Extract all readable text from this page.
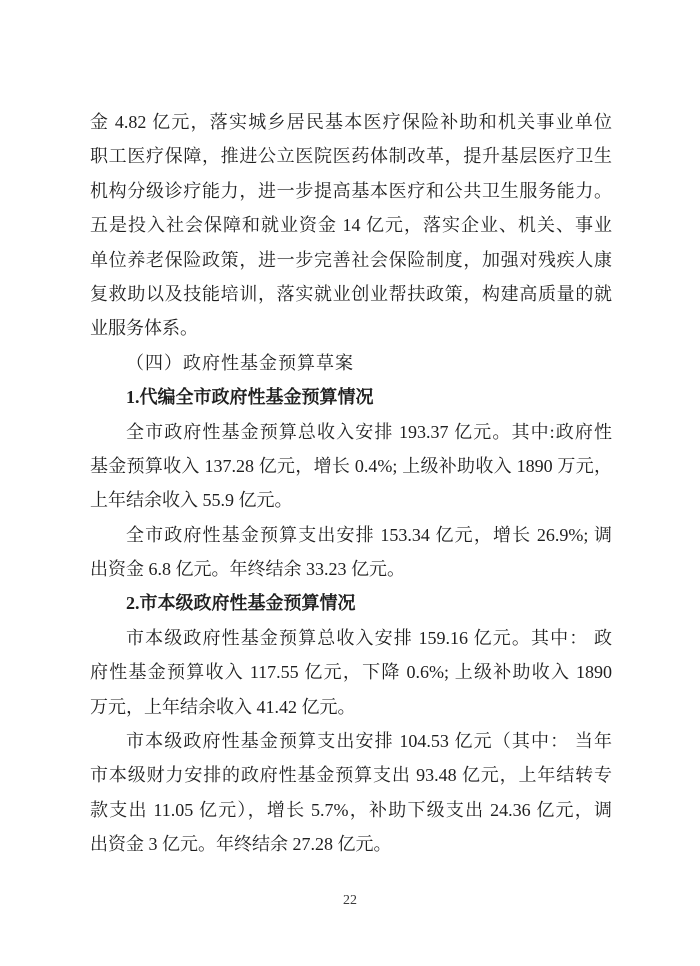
金 4.82 亿元，落实城乡居民基本医疗保险补助和机关事业单位
职工医疗保障，推进公立医院医药体制改革，提升基层医疗卫生
机构分级诊疗能力，进一步提高基本医疗和公共卫生服务能力。
五是投入社会保障和就业资金 14 亿元，落实企业、机关、事业
单位养老保险政策，进一步完善社会保险制度，加强对残疾人康
复救助以及技能培训，落实就业创业帮扶政策，构建高质量的就
业服务体系。
（四）政府性基金预算草案
1.代编全市政府性基金预算情况
全市政府性基金预算总收入安排 193.37 亿元。其中:政府性
基金预算收入 137.28 亿元，增长 0.4%; 上级补助收入 1890 万元，
上年结余收入 55.9 亿元。
全市政府性基金预算支出安排 153.34 亿元，增长 26.9%; 调
出资金 6.8 亿元。年终结余 33.23 亿元。
2.市本级政府性基金预算情况
市本级政府性基金预算总收入安排 159.16 亿元。其中： 政
府性基金预算收入 117.55 亿元，下降 0.6%; 上级补助收入 1890
万元，上年结余收入 41.42 亿元。
市本级政府性基金预算支出安排 104.53 亿元（其中： 当年
市本级财力安排的政府性基金预算支出 93.48 亿元，上年结转专
款支出 11.05 亿元），增长 5.7%，补助下级支出 24.36 亿元，调
出资金 3 亿元。年终结余 27.28 亿元。
22
